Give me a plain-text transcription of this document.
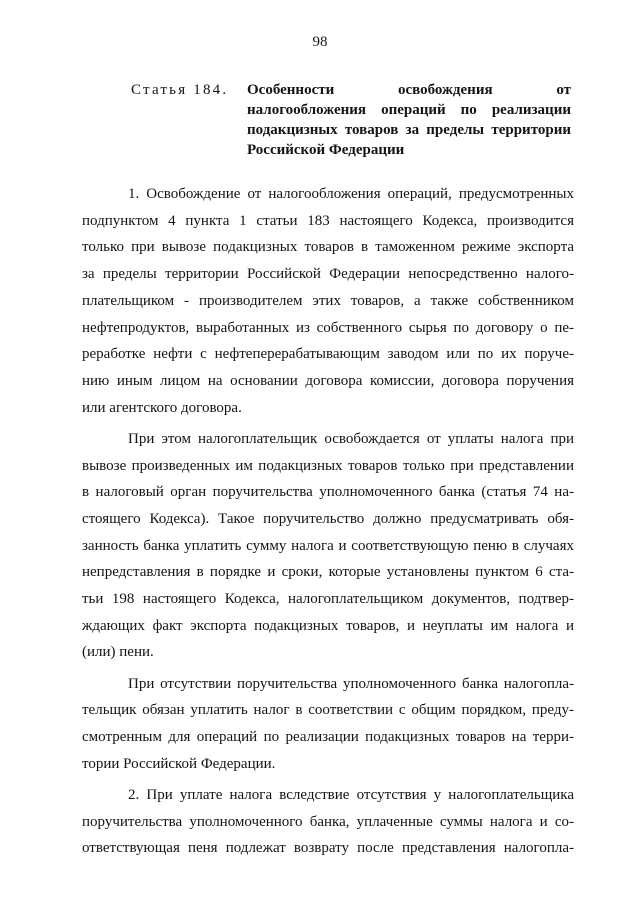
98
Статья 184.	Особенности освобождения от
налогообложения операций по реализации
подакцизных товаров за пределы территории
Российской Федерации
1. Освобождение от налогообложения операций, предусмотренных
подпунктом 4 пункта 1 статьи 183 настоящего Кодекса, производится
только при вывозе подакцизных товаров в таможенном режиме экспорта
за пределы территории Российской Федерации непосредственно налого-
плательщиком - производителем этих товаров, а также собственником
нефтепродуктов, выработанных из собственного сырья по договору о пе-
реработке нефти с нефтеперерабатывающим заводом или по их поруче-
нию иным лицом на основании договора комиссии, договора поручения
или агентского договора.
При этом налогоплательщик освобождается от уплаты налога при
вывозе произведенных им подакцизных товаров только при представлении
в налоговый орган поручительства уполномоченного банка (статья 74 на-
стоящего Кодекса). Такое поручительство должно предусматривать обя-
занность банка уплатить сумму налога и соответствующую пеню в случаях
непредставления в порядке и сроки, которые установлены пунктом 6 ста-
тьи 198 настоящего Кодекса, налогоплательщиком документов, подтвер-
ждающих факт экспорта подакцизных товаров, и неуплаты им налога и
(или) пени.
При отсутствии поручительства уполномоченного банка налогопла-
тельщик обязан уплатить налог в соответствии с общим порядком, преду-
смотренным для операций по реализации подакцизных товаров на терри-
тории Российской Федерации.
2. При уплате налога вследствие отсутствия у налогоплательщика
поручительства уполномоченного банка, уплаченные суммы налога и со-
ответствующая пеня подлежат возврату после представления налогопла-
